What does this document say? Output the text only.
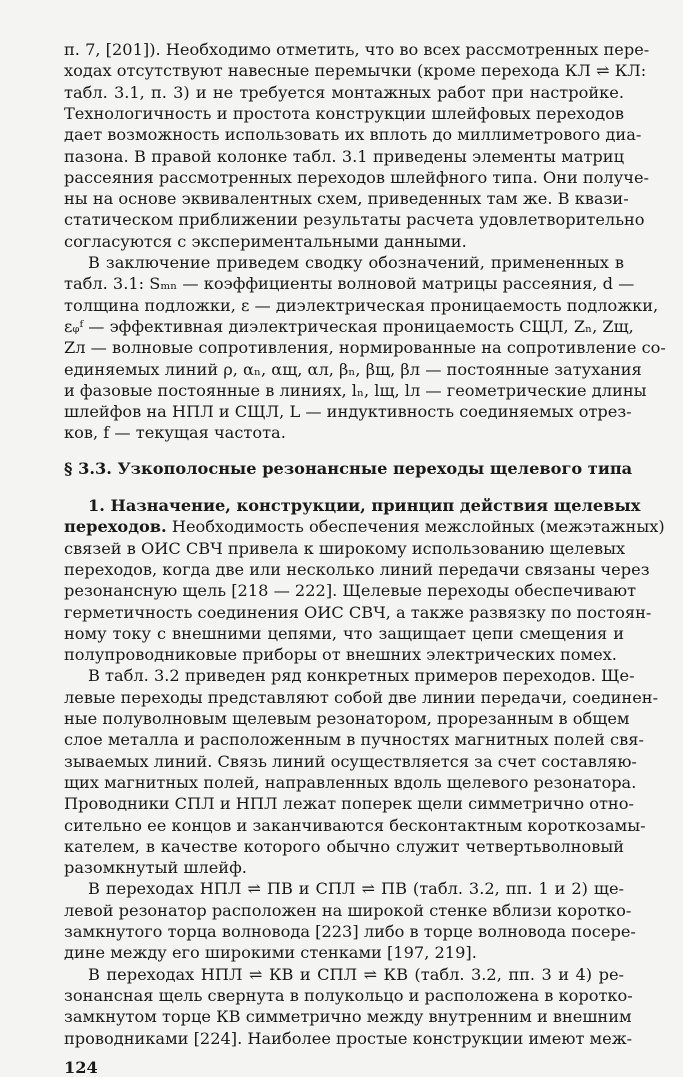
п. 7, [201]). Необходимо отметить, что во всех рассмотренных пере-
ходах отсутствуют навесные перемычки (кроме перехода КЛ ⇌ КЛ:
табл. 3.1, п. 3) и не требуется монтажных работ при настройке.
Технологичность и простота конструкции шлейфовых переходов
дает возможность использовать их вплоть до миллиметрового диа-
пазона. В правой колонке табл. 3.1 приведены элементы матриц
рассеяния рассмотренных переходов шлейфного типа. Они получе-
ны на основе эквивалентных схем, приведенных там же. В квази-
статическом приближении результаты расчета удовлетворительно
согласуются с экспериментальными данными.
В заключение приведем сводку обозначений, примененных в
табл. 3.1: Sₘₙ — коэффициенты волновой матрицы рассеяния, d —
толщина подложки, ε — диэлектрическая проницаемость подложки,
εᵩᶠ — эффективная диэлектрическая проницаемость СЩЛ, Zₙ, Zщ,
Zл — волновые сопротивления, нормированные на сопротивление со-
единяемых линий ρ, αₙ, αщ, αл, βₙ, βщ, βл — постоянные затухания
и фазовые постоянные в линиях, lₙ, lщ, lл — геометрические длины
шлейфов на НПЛ и СЩЛ, L — индуктивность соединяемых отрез-
ков, f — текущая частота.
§ 3.3. Узкополосные резонансные переходы щелевого типа
1. Назначение, конструкции, принцип действия щелевых
переходов. Необходимость обеспечения межслойных (межэтажных)
связей в ОИС СВЧ привела к широкому использованию щелевых
переходов, когда две или несколько линий передачи связаны через
резонансную щель [218 — 222]. Щелевые переходы обеспечивают
герметичность соединения ОИС СВЧ, а также развязку по постоян-
ному току с внешними цепями, что защищает цепи смещения и
полупроводниковые приборы от внешних электрических помех.
В табл. 3.2 приведен ряд конкретных примеров переходов. Ще-
левые переходы представляют собой две линии передачи, соединен-
ные полуволновым щелевым резонатором, прорезанным в общем
слое металла и расположенным в пучностях магнитных полей свя-
зываемых линий. Связь линий осуществляется за счет составляю-
щих магнитных полей, направленных вдоль щелевого резонатора.
Проводники СПЛ и НПЛ лежат поперек щели симметрично отно-
сительно ее концов и заканчиваются бесконтактным короткозамы-
кателем, в качестве которого обычно служит четвертьволновый
разомкнутый шлейф.
В переходах НПЛ ⇌ ПВ и СПЛ ⇌ ПВ (табл. 3.2, пп. 1 и 2) ще-
левой резонатор расположен на широкой стенке вблизи коротко-
замкнутого торца волновода [223] либо в торце волновода посере-
дине между его широкими стенками [197, 219].
В переходах НПЛ ⇌ КВ и СПЛ ⇌ КВ (табл. 3.2, пп. 3 и 4) ре-
зонансная щель свернута в полукольцо и расположена в коротко-
замкнутом торце КВ симметрично между внутренним и внешним
проводниками [224]. Наиболее простые конструкции имеют меж-
124
